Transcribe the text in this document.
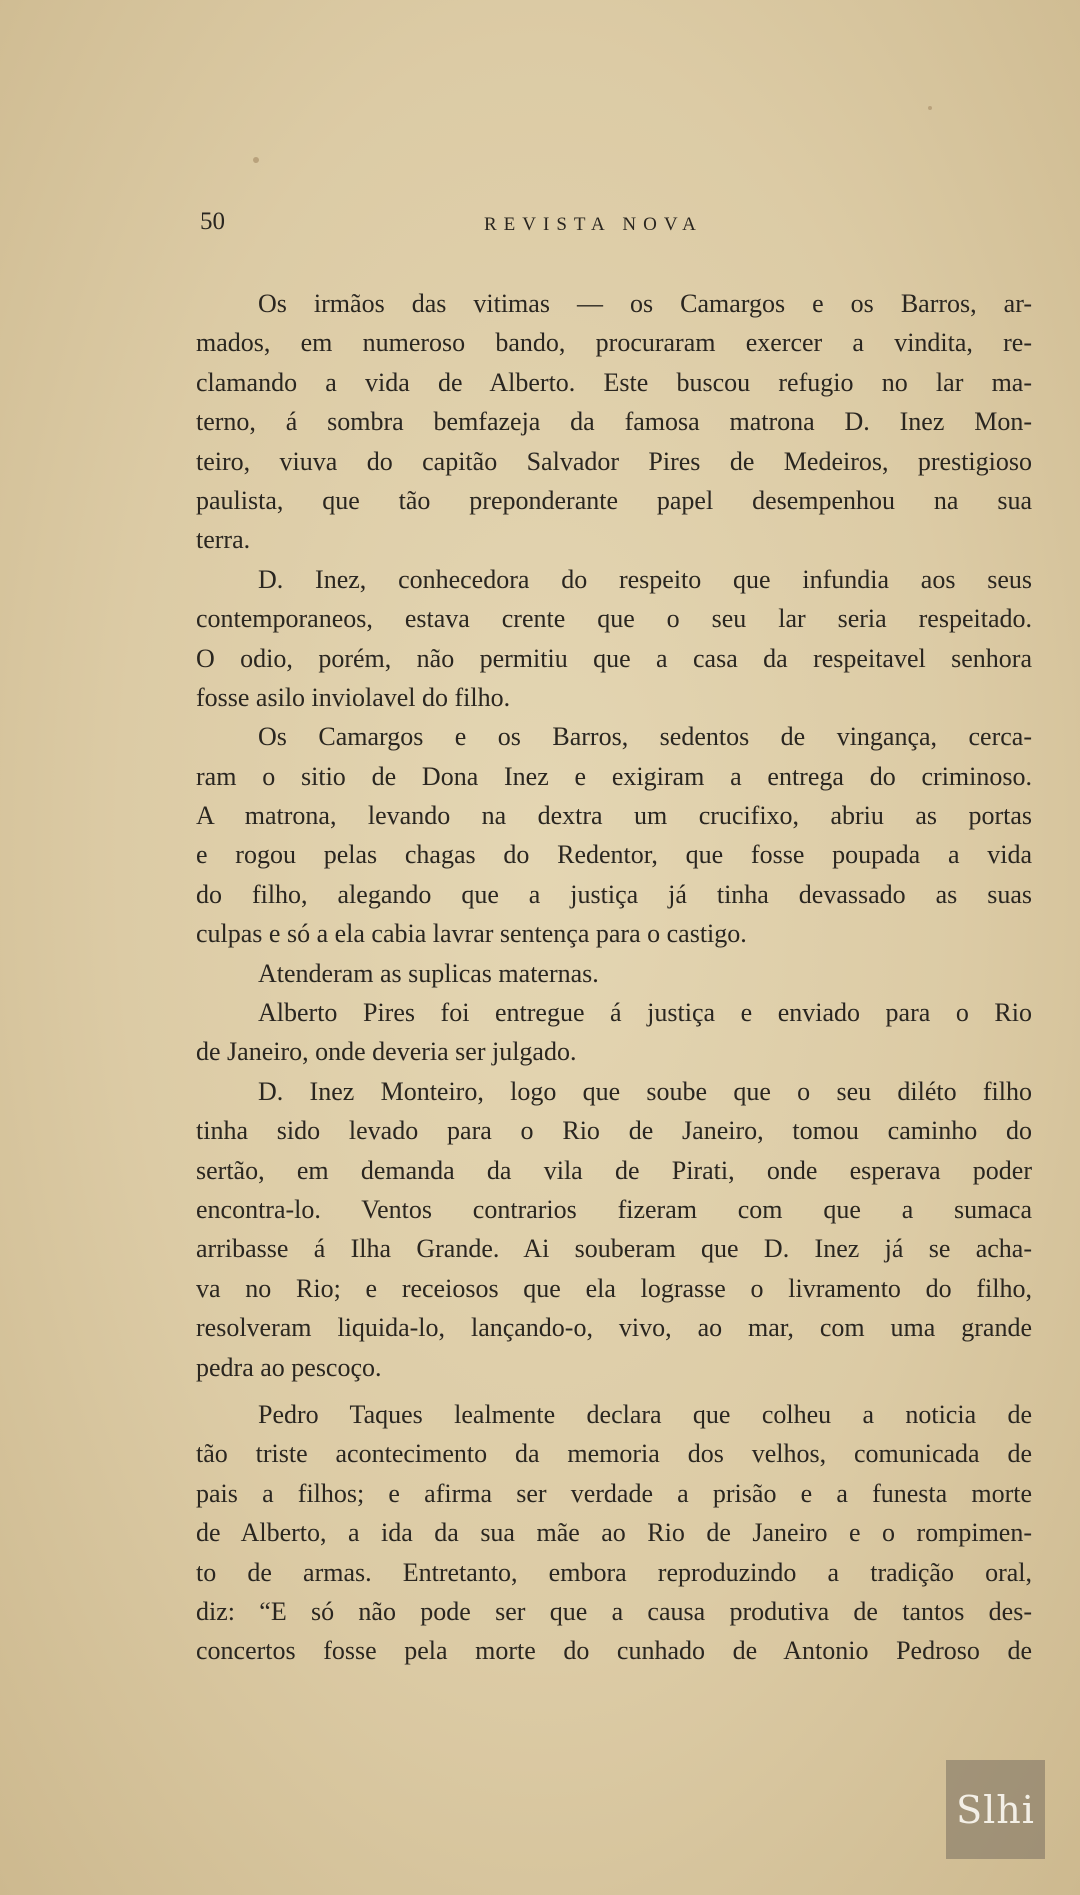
50	REVISTA NOVA
Os irmãos das vitimas — os Camargos e os Barros, ar-
mados, em numeroso bando, procuraram exercer a vindita, re-
clamando a vida de Alberto. Este buscou refugio no lar ma-
terno, á sombra bemfazeja da famosa matrona D. Inez Mon-
teiro, viuva do capitão Salvador Pires de Medeiros, prestigioso
paulista, que tão preponderante papel desempenhou na sua
terra.
D. Inez, conhecedora do respeito que infundia aos seus
contemporaneos, estava crente que o seu lar seria respeitado.
O odio, porém, não permitiu que a casa da respeitavel senhora
fosse asilo inviolavel do filho.
Os Camargos e os Barros, sedentos de vingança, cerca-
ram o sitio de Dona Inez e exigiram a entrega do criminoso.
A matrona, levando na dextra um crucifixo, abriu as portas
e rogou pelas chagas do Redentor, que fosse poupada a vida
do filho, alegando que a justiça já tinha devassado as suas
culpas e só a ela cabia lavrar sentença para o castigo.
Atenderam as suplicas maternas.
Alberto Pires foi entregue á justiça e enviado para o Rio
de Janeiro, onde deveria ser julgado.
D. Inez Monteiro, logo que soube que o seu diléto filho
tinha sido levado para o Rio de Janeiro, tomou caminho do
sertão, em demanda da vila de Pirati, onde esperava poder
encontra-lo. Ventos contrarios fizeram com que a sumaca
arribasse á Ilha Grande. Ai souberam que D. Inez já se acha-
va no Rio; e receiosos que ela lograsse o livramento do filho,
resolveram liquida-lo, lançando-o, vivo, ao mar, com uma grande
pedra ao pescoço.
Pedro Taques lealmente declara que colheu a noticia de
tão triste acontecimento da memoria dos velhos, comunicada de
pais a filhos; e afirma ser verdade a prisão e a funesta morte
de Alberto, a ida da sua mãe ao Rio de Janeiro e o rompimen-
to de armas. Entretanto, embora reproduzindo a tradição oral,
diz: “E só não pode ser que a causa produtiva de tantos des-
concertos fosse pela morte do cunhado de Antonio Pedroso de
Slhi
